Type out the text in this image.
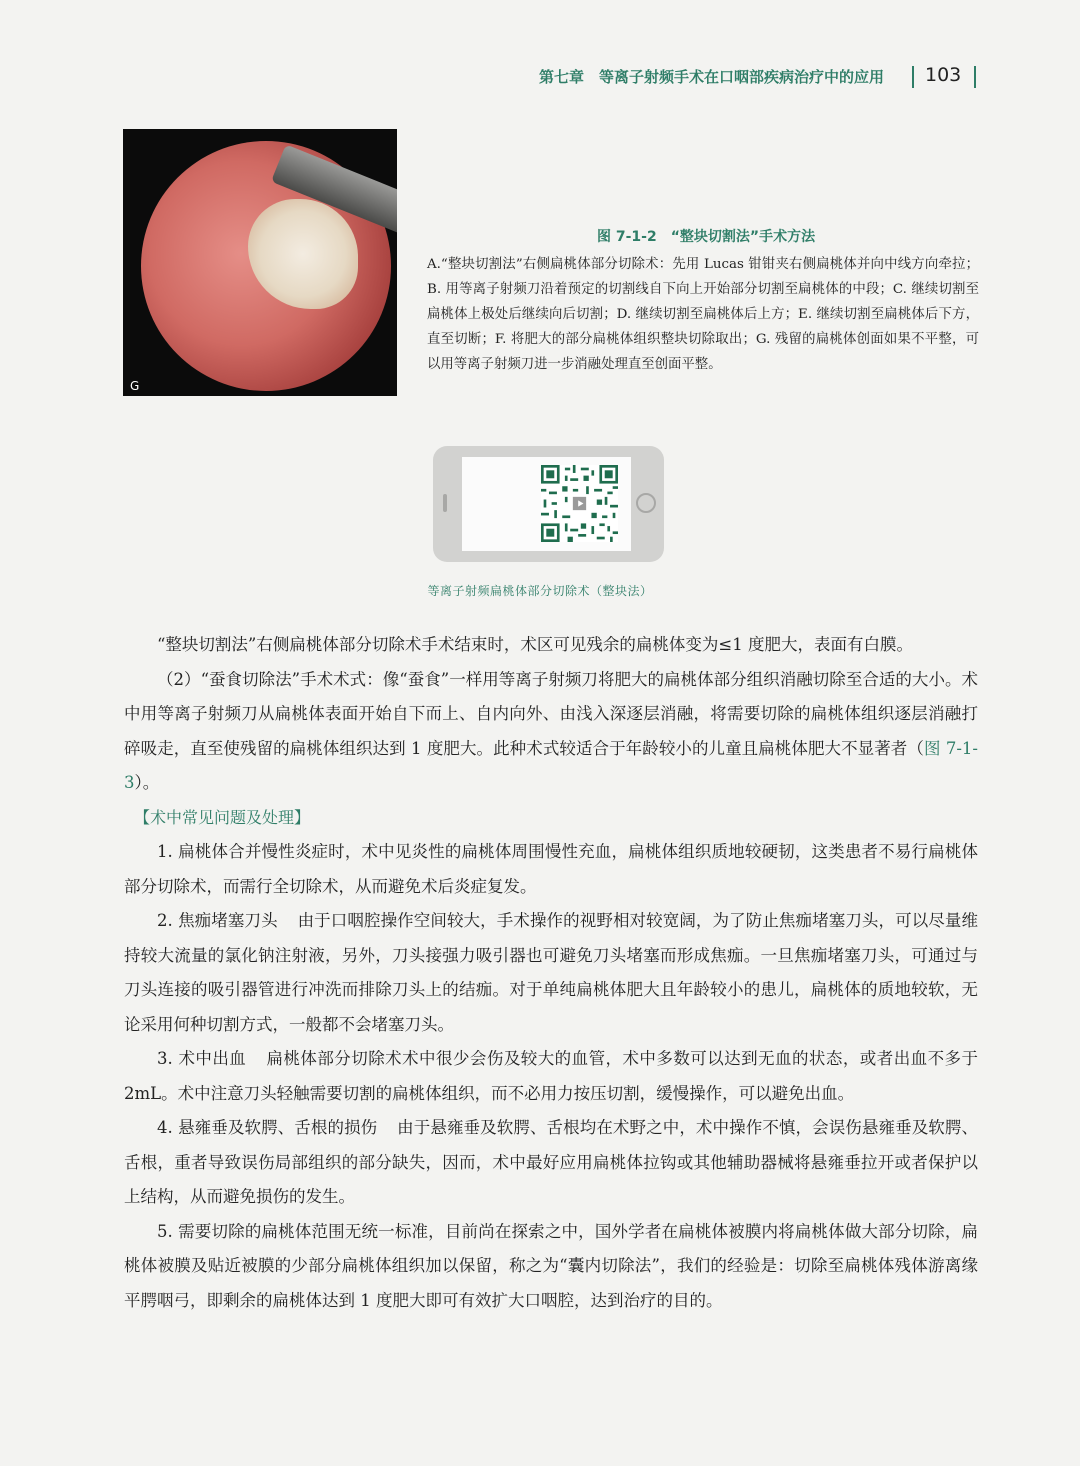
第七章　等离子射频手术在口咽部疾病治疗中的应用 103
G
图 7-1-2　“整块切割法”手术方法
A.“整块切割法”右侧扁桃体部分切除术：先用 Lucas 钳钳夹右侧扁桃体并向中线方向牵拉；B. 用等离子射频刀沿着预定的切割线自下向上开始部分切割至扁桃体的中段；C. 继续切割至扁桃体上极处后继续向后切割；D. 继续切割至扁桃体后上方；E. 继续切割至扁桃体后下方，直至切断；F. 将肥大的部分扁桃体组织整块切除取出；G. 残留的扁桃体创面如果不平整，可以用等离子射频刀进一步消融处理直至创面平整。
等离子射频扁桃体部分切除术（整块法）

“整块切割法”右侧扁桃体部分切除术手术结束时，术区可见残余的扁桃体变为≤1 度肥大，表面有白膜。

（2）“蚕食切除法”手术术式：像“蚕食”一样用等离子射频刀将肥大的扁桃体部分组织消融切除至合适的大小。术中用等离子射频刀从扁桃体表面开始自下而上、自内向外、由浅入深逐层消融，将需要切除的扁桃体组织逐层消融打碎吸走，直至使残留的扁桃体组织达到 1 度肥大。此种术式较适合于年龄较小的儿童且扁桃体肥大不显著者（图 7-1-3）。

【术中常见问题及处理】

1. 扁桃体合并慢性炎症时，术中见炎性的扁桃体周围慢性充血，扁桃体组织质地较硬韧，这类患者不易行扁桃体部分切除术，而需行全切除术，从而避免术后炎症复发。

2. 焦痂堵塞刀头 由于口咽腔操作空间较大，手术操作的视野相对较宽阔，为了防止焦痂堵塞刀头，可以尽量维持较大流量的氯化钠注射液，另外，刀头接强力吸引器也可避免刀头堵塞而形成焦痂。一旦焦痂堵塞刀头，可通过与刀头连接的吸引器管进行冲洗而排除刀头上的结痂。对于单纯扁桃体肥大且年龄较小的患儿，扁桃体的质地较软，无论采用何种切割方式，一般都不会堵塞刀头。

3. 术中出血 扁桃体部分切除术术中很少会伤及较大的血管，术中多数可以达到无血的状态，或者出血不多于 2mL。术中注意刀头轻触需要切割的扁桃体组织，而不必用力按压切割，缓慢操作，可以避免出血。

4. 悬雍垂及软腭、舌根的损伤 由于悬雍垂及软腭、舌根均在术野之中，术中操作不慎，会误伤悬雍垂及软腭、舌根，重者导致误伤局部组织的部分缺失，因而，术中最好应用扁桃体拉钩或其他辅助器械将悬雍垂拉开或者保护以上结构，从而避免损伤的发生。

5. 需要切除的扁桃体范围无统一标准，目前尚在探索之中，国外学者在扁桃体被膜内将扁桃体做大部分切除，扁桃体被膜及贴近被膜的少部分扁桃体组织加以保留，称之为“囊内切除法”，我们的经验是：切除至扁桃体残体游离缘平腭咽弓，即剩余的扁桃体达到 1 度肥大即可有效扩大口咽腔，达到治疗的目的。
